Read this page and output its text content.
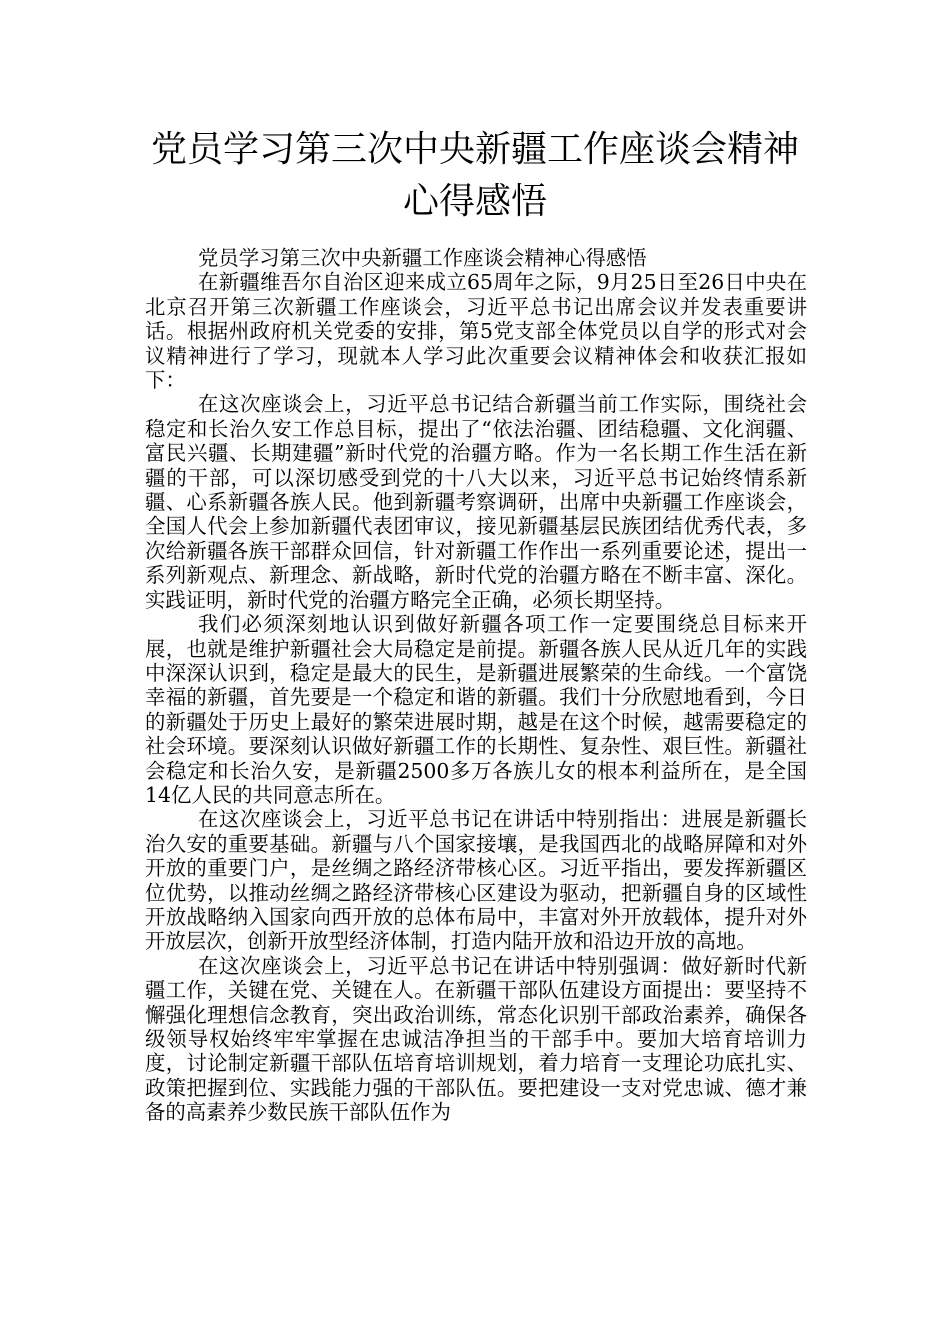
党员学习第三次中央新疆工作座谈会精神心得感悟

党员学习第三次中央新疆工作座谈会精神心得感悟

在新疆维吾尔自治区迎来成立65周年之际，9月25日至26日中央在北京召开第三次新疆工作座谈会，习近平总书记出席会议并发表重要讲话。根据州政府机关党委的安排，第5党支部全体党员以自学的形式对会议精神进行了学习，现就本人学习此次重要会议精神体会和收获汇报如下：

在这次座谈会上，习近平总书记结合新疆当前工作实际，围绕社会稳定和长治久安工作总目标，提出了“依法治疆、团结稳疆、文化润疆、富民兴疆、长期建疆”新时代党的治疆方略。作为一名长期工作生活在新疆的干部，可以深切感受到党的十八大以来，习近平总书记始终情系新疆、心系新疆各族人民。他到新疆考察调研，出席中央新疆工作座谈会，全国人代会上参加新疆代表团审议，接见新疆基层民族团结优秀代表，多次给新疆各族干部群众回信，针对新疆工作作出一系列重要论述，提出一系列新观点、新理念、新战略，新时代党的治疆方略在不断丰富、深化。实践证明，新时代党的治疆方略完全正确，必须长期坚持。

我们必须深刻地认识到做好新疆各项工作一定要围绕总目标来开展，也就是维护新疆社会大局稳定是前提。新疆各族人民从近几年的实践中深深认识到，稳定是最大的民生，是新疆进展繁荣的生命线。一个富饶幸福的新疆，首先要是一个稳定和谐的新疆。我们十分欣慰地看到，今日的新疆处于历史上最好的繁荣进展时期，越是在这个时候，越需要稳定的社会环境。要深刻认识做好新疆工作的长期性、复杂性、艰巨性。新疆社会稳定和长治久安，是新疆2500多万各族儿女的根本利益所在，是全国14亿人民的共同意志所在。

在这次座谈会上，习近平总书记在讲话中特别指出：进展是新疆长治久安的重要基础。新疆与八个国家接壤，是我国西北的战略屏障和对外开放的重要门户，是丝绸之路经济带核心区。习近平指出，要发挥新疆区位优势，以推动丝绸之路经济带核心区建设为驱动，把新疆自身的区域性开放战略纳入国家向西开放的总体布局中，丰富对外开放载体，提升对外开放层次，创新开放型经济体制，打造内陆开放和沿边开放的高地。

在这次座谈会上，习近平总书记在讲话中特别强调：做好新时代新疆工作，关键在党、关键在人。在新疆干部队伍建设方面提出：要坚持不懈强化理想信念教育，突出政治训练，常态化识别干部政治素养，确保各级领导权始终牢牢掌握在忠诚洁净担当的干部手中。要加大培育培训力度，讨论制定新疆干部队伍培育培训规划，着力培育一支理论功底扎实、政策把握到位、实践能力强的干部队伍。要把建设一支对党忠诚、德才兼备的高素养少数民族干部队伍作为
